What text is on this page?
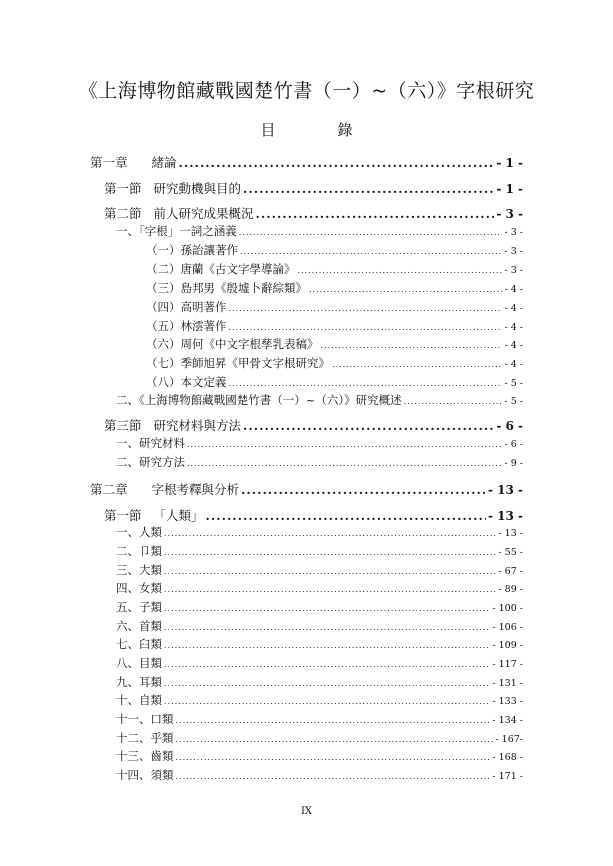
《上海博物館藏戰國楚竹書（一）~（六）》字根研究
目	錄
第一章 緒論 .....	- 1 -
第一節 研究動機與目的 .....	- 1 -
第二節 前人研究成果概況 .....	- 3 -
一、「字根」一詞之涵義 .....	- 3 -
（一）孫詒讓著作 .....	- 3 -
（二）唐蘭《古文字學導論》 .....	- 3 -
（三）島邦男《殷墟卜辭綜類》 .....	- 4 -
（四）高明著作 .....	- 4 -
（五）林澐著作 .....	- 4 -
（六）周何《中文字根孳乳表稿》 .....	- 4 -
（七）季師旭昇《甲骨文字根研究》 .....	- 4 -
（八）本文定義 .....	- 5 -
二、《上海博物館藏戰國楚竹書（一）~（六）》研究概述 .....	- 5 -
第三節 研究材料與方法 .....	- 6 -
一、研究材料 .....	- 6 -
二、研究方法 .....	- 9 -
第二章 字根考釋與分析 .....	- 13 -
第一節 「人類」 .....	- 13 -
一、人類 .....	- 13 -
二、卩類 .....	- 55 -
三、大類 .....	- 67 -
四、女類 .....	- 89 -
五、子類 .....	- 100 -
六、首類 .....	- 106 -
七、臼類 .....	- 109 -
八、目類 .....	- 117 -
九、耳類 .....	- 131 -
十、自類 .....	- 133 -
十一、口類 .....	- 134 -
十二、乎類 .....	- 167-
十三、齒類 .....	- 168 -
十四、須類 .....	- 171 -
IX
